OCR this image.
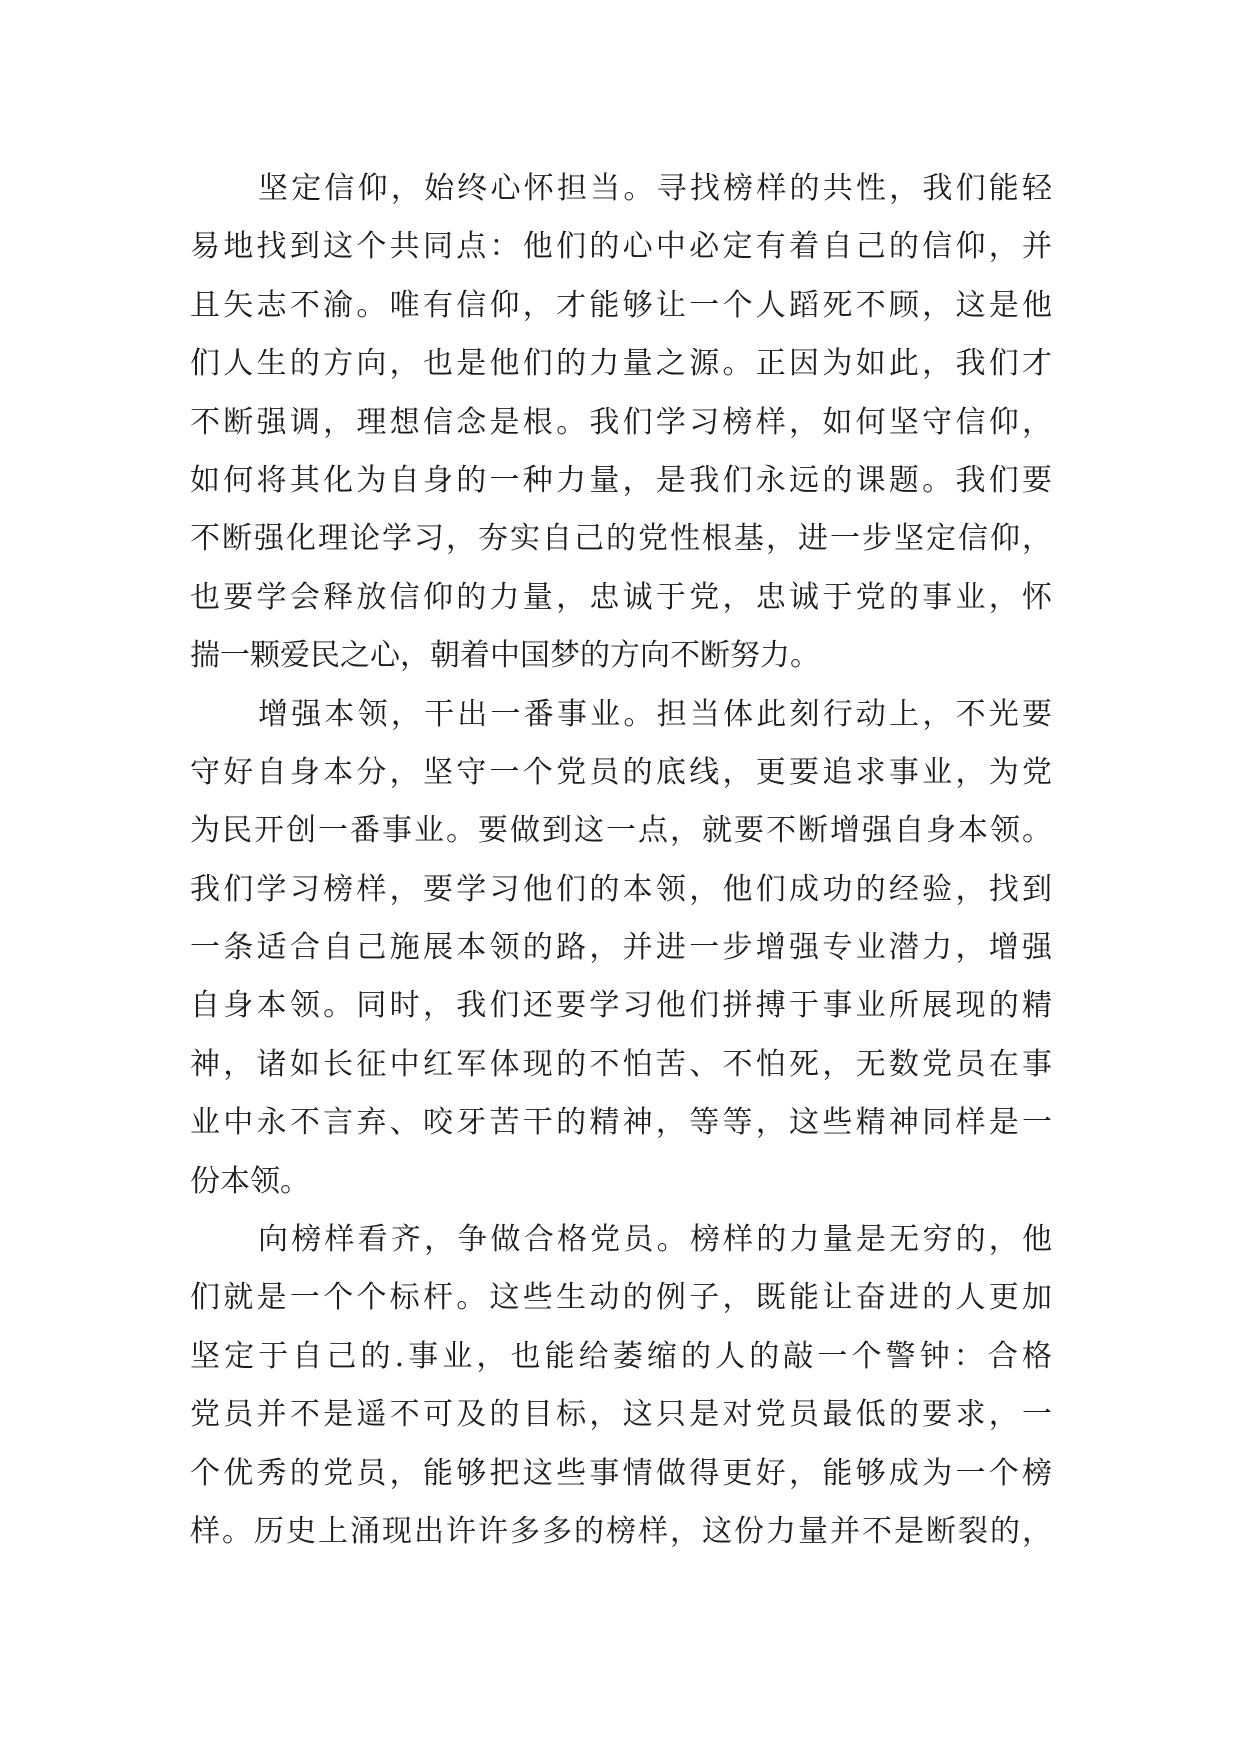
坚定信仰，始终心怀担当。寻找榜样的共性，我们能轻
易地找到这个共同点：他们的心中必定有着自己的信仰，并
且矢志不渝。唯有信仰，才能够让一个人蹈死不顾，这是他
们人生的方向，也是他们的力量之源。正因为如此，我们才
不断强调，理想信念是根。我们学习榜样，如何坚守信仰，
如何将其化为自身的一种力量，是我们永远的课题。我们要
不断强化理论学习，夯实自己的党性根基，进一步坚定信仰，
也要学会释放信仰的力量，忠诚于党，忠诚于党的事业，怀
揣一颗爱民之心，朝着中国梦的方向不断努力。
增强本领，干出一番事业。担当体此刻行动上，不光要
守好自身本分，坚守一个党员的底线，更要追求事业，为党
为民开创一番事业。要做到这一点，就要不断增强自身本领。
我们学习榜样，要学习他们的本领，他们成功的经验，找到
一条适合自己施展本领的路，并进一步增强专业潜力，增强
自身本领。同时，我们还要学习他们拼搏于事业所展现的精
神，诸如长征中红军体现的不怕苦、不怕死，无数党员在事
业中永不言弃、咬牙苦干的精神，等等，这些精神同样是一
份本领。
向榜样看齐，争做合格党员。榜样的力量是无穷的，他
们就是一个个标杆。这些生动的例子，既能让奋进的人更加
坚定于自己的.事业，也能给萎缩的人的敲一个警钟：合格
党员并不是遥不可及的目标，这只是对党员最低的要求，一
个优秀的党员，能够把这些事情做得更好，能够成为一个榜
样。历史上涌现出许许多多的榜样，这份力量并不是断裂的，
